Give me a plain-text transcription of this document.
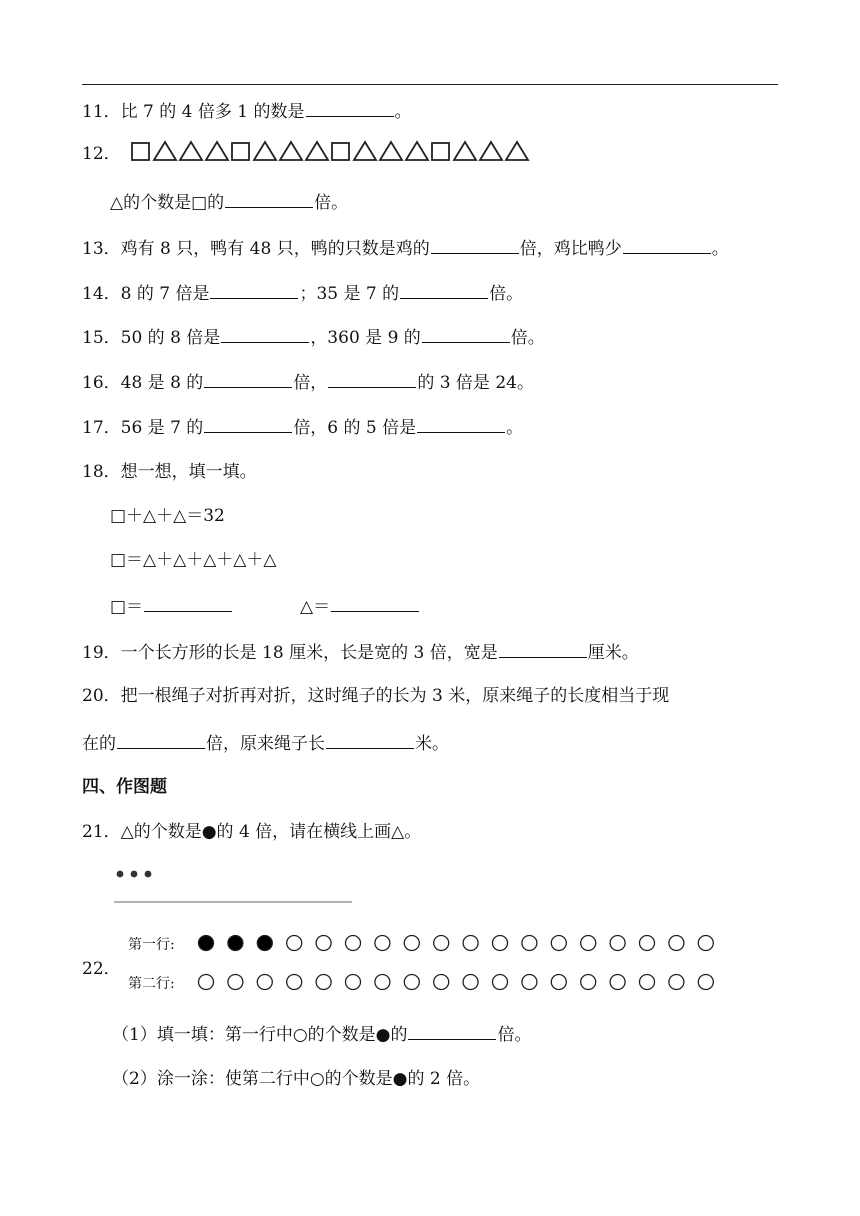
11．比 7 的 4 倍多 1 的数是	。
12．
△的个数是□的	倍。
13．鸡有 8 只，鸭有 48 只，鸭的只数是鸡的	倍，鸡比鸭少	。
14．8 的 7 倍是	；35 是 7 的	倍。
15．50 的 8 倍是	，360 是 9 的	倍。
16．48 是 8 的	倍，	的 3 倍是 24。
17．56 是 7 的	倍，6 的 5 倍是	。
18．想一想，填一填。
□＋△＋△＝32
□＝△＋△＋△＋△＋△
□＝	△＝
19．一个长方形的长是 18 厘米，长是宽的 3 倍，宽是	厘米。
20．把一根绳子对折再对折，这时绳子的长为 3 米，原来绳子的长度相当于现
在的	倍，原来绳子长	米。
四、作图题
21．△的个数是●的 4 倍，请在横线上画△。
22．
第一行:
第二行:
（1）填一填：第一行中○的个数是●的	倍。
（2）涂一涂：使第二行中○的个数是●的 2 倍。
